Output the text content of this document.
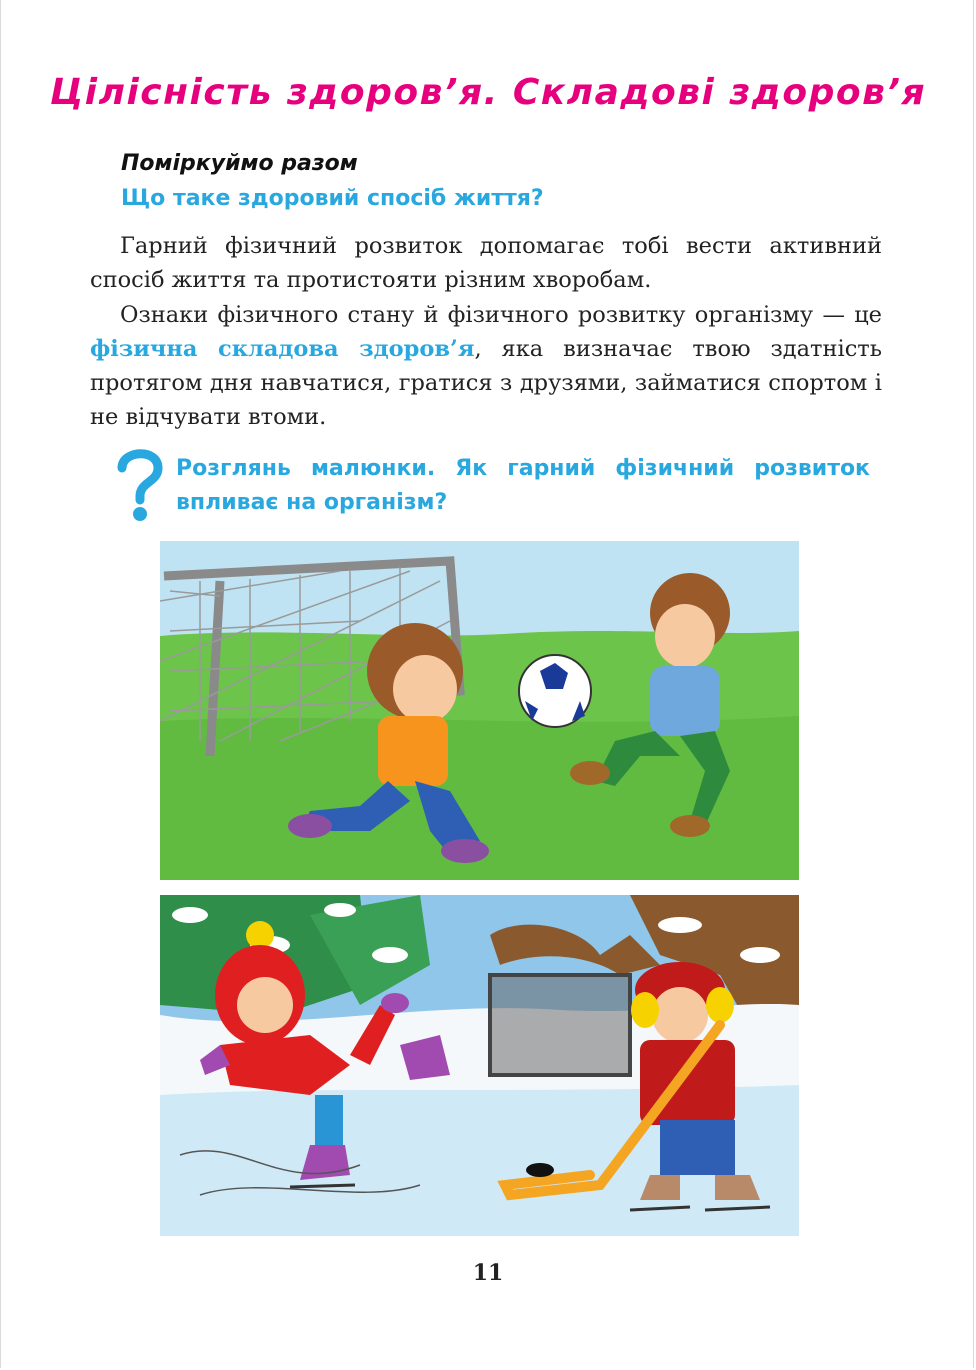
Цілісність здоров’я. Складові здоров’я
Поміркуймо разом
Що таке здоровий спосіб життя?

Гарний фізичний розвиток допомагає тобі вести активний спосіб життя та протистояти різним хворобам.

Ознаки фізичного стану й фізичного розвитку організму — це фізична складова здоров’я, яка визначає твою здатність протягом дня навчатися, гратися з друзями, займатися спортом і не відчувати втоми.

Розглянь малюнки. Як гарний фізичний розвиток впливає на організм?
11
